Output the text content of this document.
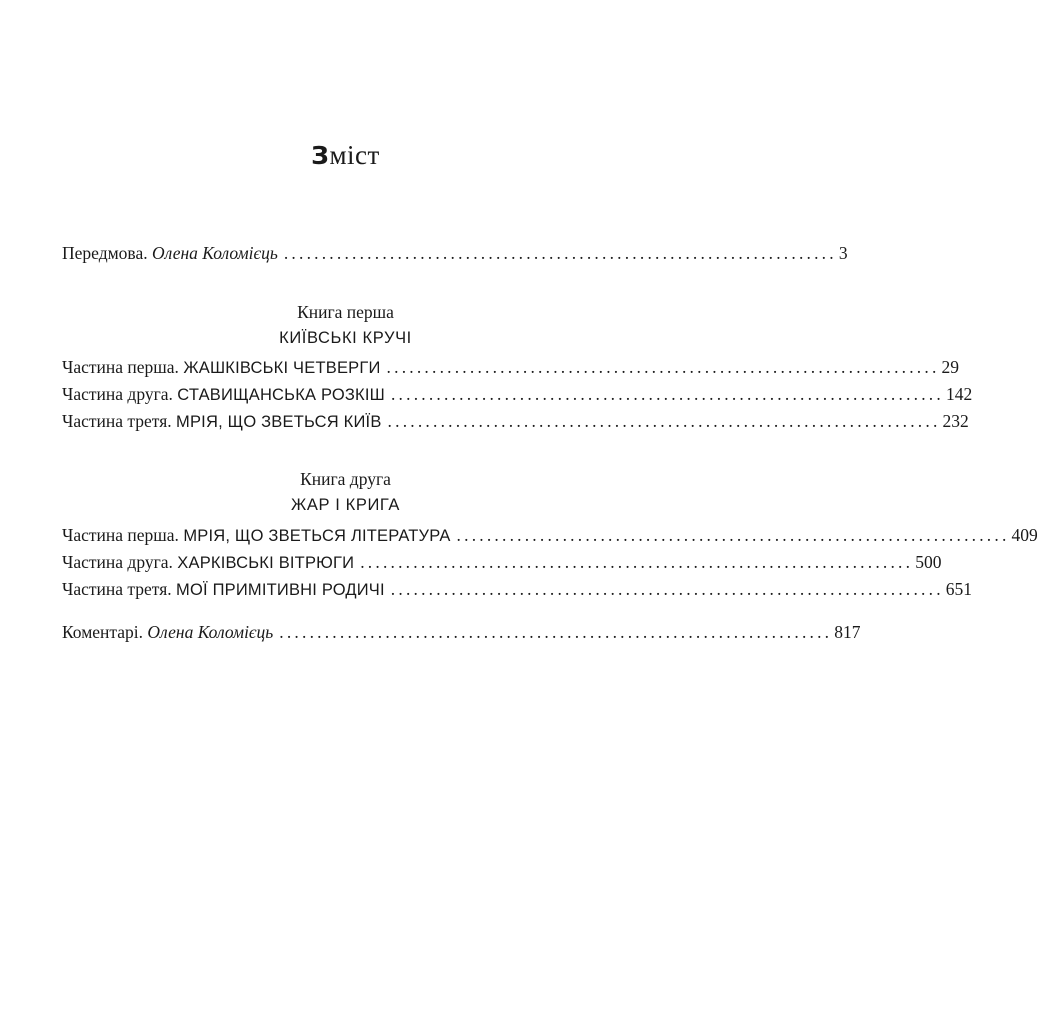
Зміст
Передмова. Олена Коломієць ......................................................................... 3
Книга перша
КИЇВСЬКІ КРУЧІ
Частина перша. ЖАШКІВСЬКІ ЧЕТВЕРГИ ......................................................................... 29
Частина друга. СТАВИЩАНСЬКА РОЗКІШ ......................................................................... 142
Частина третя. МРІЯ, ЩО ЗВЕТЬСЯ КИЇВ ......................................................................... 232
Книга друга
ЖАР І КРИГА
Частина перша. МРІЯ, ЩО ЗВЕТЬСЯ ЛІТЕРАТУРА ......................................................................... 409
Частина друга. ХАРКІВСЬКІ ВІТРЮГИ ......................................................................... 500
Частина третя. МОЇ ПРИМІТИВНІ РОДИЧІ ......................................................................... 651
Коментарі. Олена Коломієць ......................................................................... 817
